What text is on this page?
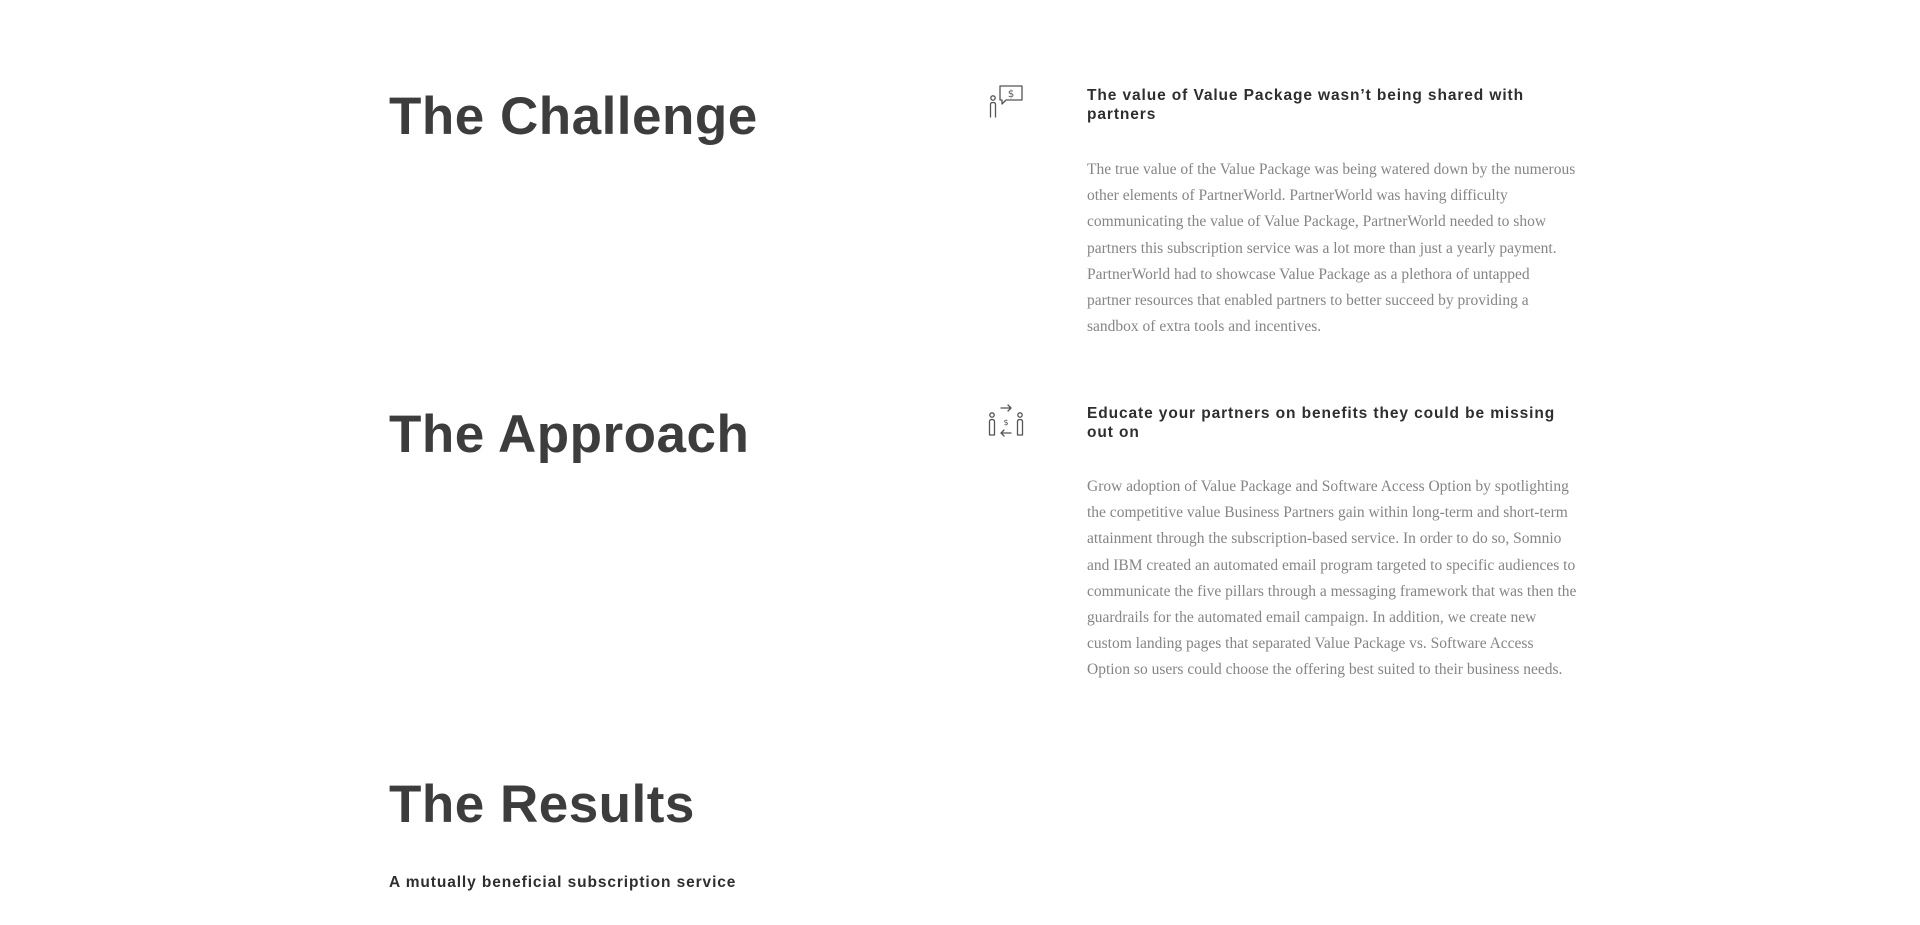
The Challenge	$	The value of Value Package wasn’t being shared with partners

The true value of the Value Package was being watered down by the numerous other elements of PartnerWorld. PartnerWorld was having difficulty communicating the value of Value Package, PartnerWorld needed to show partners this subscription service was a lot more than just a yearly payment. PartnerWorld had to showcase Value Package as a plethora of untapped partner resources that enabled partners to better succeed by providing a sandbox of extra tools and incentives.

The Approach	$
Educate your partners on benefits they could be missing out on

Grow adoption of Value Package and Software Access Option by spotlighting the competitive value Business Partners gain within long-term and short-term attainment through the subscription-based service. In order to do so, Somnio and IBM created an automated email program targeted to specific audiences to communicate the five pillars through a messaging framework that was then the guardrails for the automated email campaign. In addition, we create new custom landing pages that separated Value Package vs. Software Access Option so users could choose the offering best suited to their business needs.

The Results
A mutually beneficial subscription service
